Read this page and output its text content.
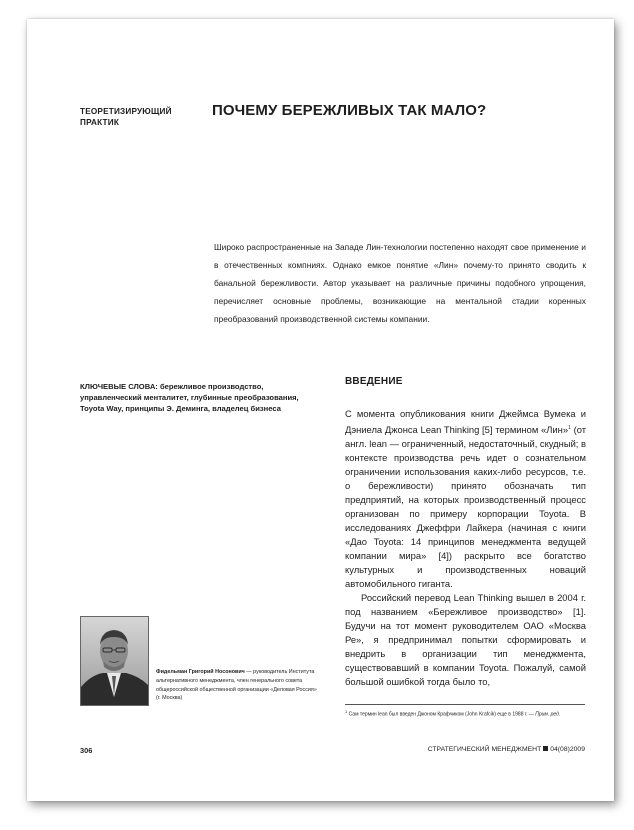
ТЕОРЕТИЗИРУЮЩИЙ ПРАКТИК
ПОЧЕМУ БЕРЕЖЛИВЫХ ТАК МАЛО?
Широко распространенные на Западе Лин-технологии постепенно находят свое применение и в отечественных компниях. Однако емкое понятие «Лин» почему-то принято сводить к банальной бережливости. Автор указывает на различные причины подобного упрощения, перечисляет основные проблемы, возникающие на ментальной стадии коренных преобразований производственной системы компании.
КЛЮЧЕВЫЕ СЛОВА: бережливое производство, управленческий менталитет, глубинные преобразования, Toyota Way, принципы Э. Деминга, владелец бизнеса
Фидельман Григорий Носонович — руководитель Института альтернативного менеджмента, член генерального совета общероссийской общественной организации «Деловая Россия» (г. Москва)
ВВЕДЕНИЕ

С момента опубликования книги Джеймса Вумека и Дэниела Джонса Lean Thinking [5] термином «Лин»$^1$ (от англ. lean — ограниченный, недостаточный, скудный; в контексте производства речь идет о сознательном ограничении использования каких-либо ресурсов, т.е. о бережливости) принято обозначать тип предприятий, на которых производственный процесс организован по примеру корпорации Toyota. В исследованиях Джеффри Лайкера (начиная с книги «Дао Toyota: 14 принципов менеджмента ведущей компании мира» [4]) раскрыто все богатство культурных и производственных новаций автомобильного гиганта.

Российский перевод Lean Thinking вышел в 2004 г. под названием «Бережливое производство» [1]. Будучи на тот момент руководителем ОАО «Москва Ре», я предпринимал попытки сформировать и внедрить в организации тип менеджмента, существовавший в компании Toyota. Пожалуй, самой большой ошибкой тогда было то,

$^1$ Сам термин lean был введен Джоном Крафчиком (John Krafcik) еще в 1988 г. — Прим. ред.
306	СТРАТЕГИЧЕСКИЙ МЕНЕДЖМЕНТ 04(08)2009
